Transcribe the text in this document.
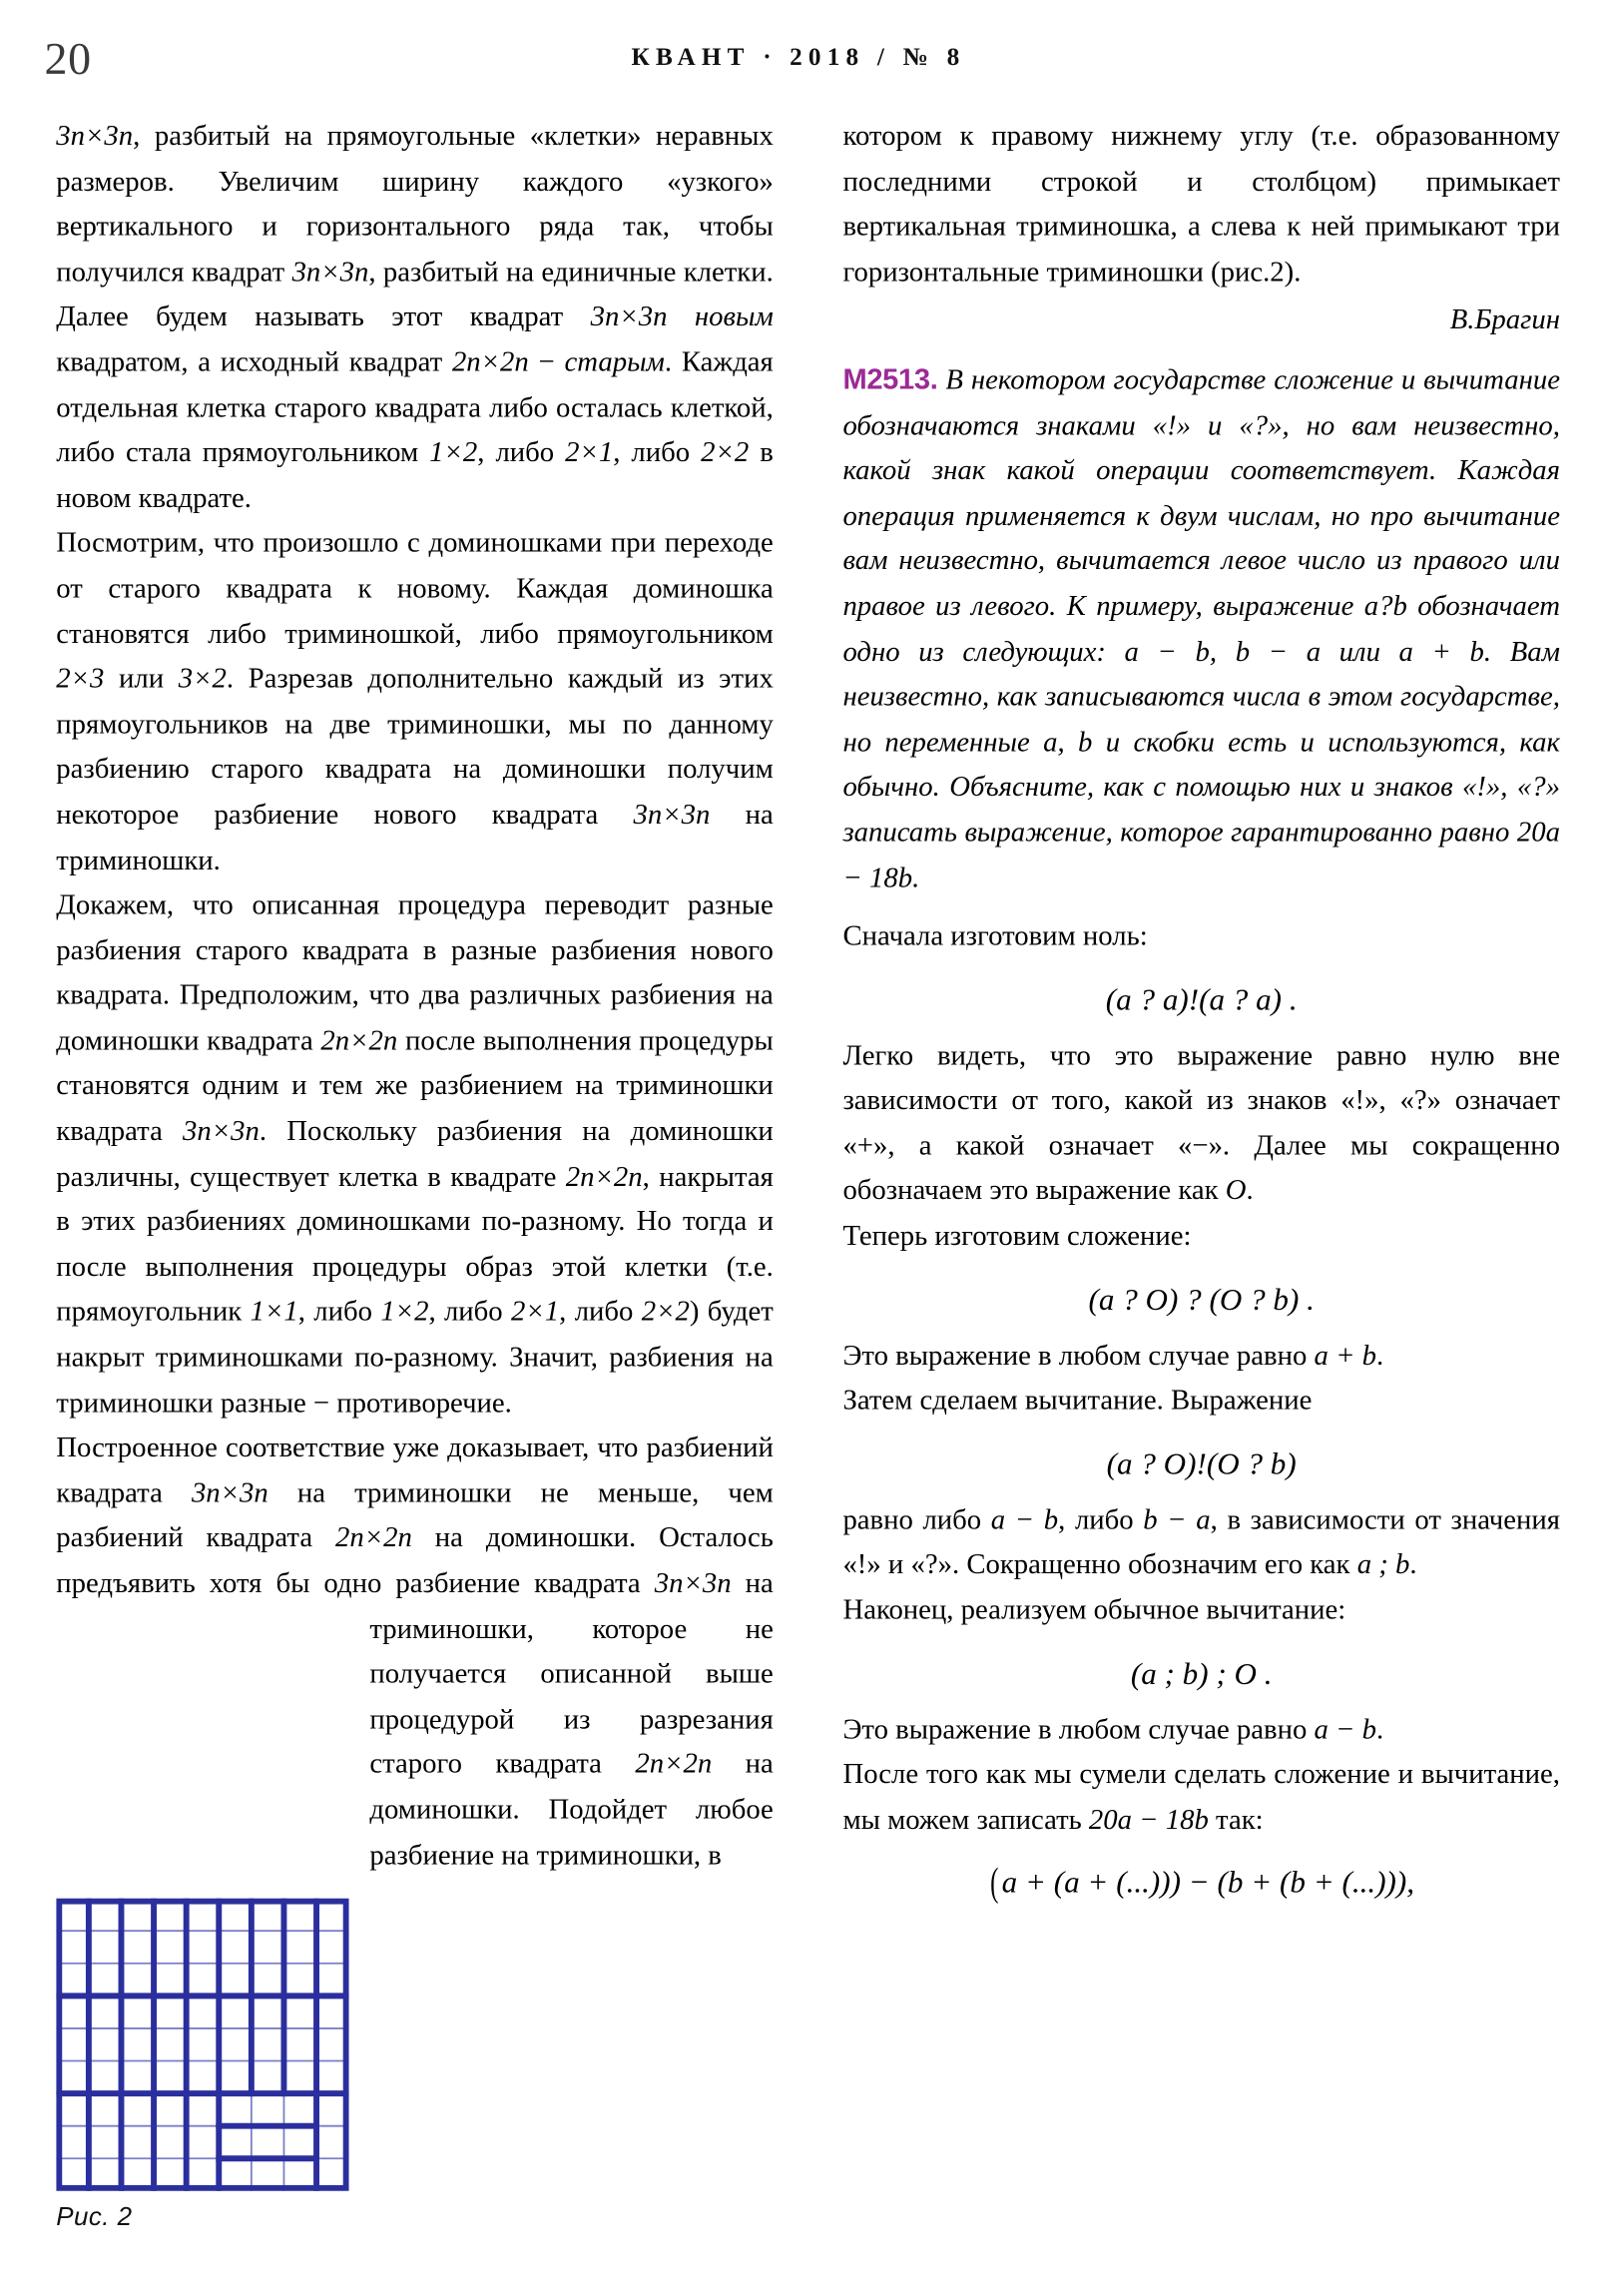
20	КВАНТ · 2018 / № 8

3n×3n, разбитый на прямоугольные «клетки» неравных размеров. Увеличим ширину каждого «узкого» вертикального и горизонтального ряда так, чтобы получился квадрат 3n×3n, разбитый на единичные клетки. Далее будем называть этот квадрат 3n×3n новым квадратом, а исходный квадрат 2n×2n − старым. Каждая отдельная клетка старого квадрата либо осталась клеткой, либо стала прямоугольником 1×2, либо 2×1, либо 2×2 в новом квадрате.

Посмотрим, что произошло с доминошками при переходе от старого квадрата к новому. Каждая доминошка становятся либо триминошкой, либо прямоугольником 2×3 или 3×2. Разрезав дополнительно каждый из этих прямоугольников на две триминошки, мы по данному разбиению старого квадрата на доминошки получим некоторое разбиение нового квадрата 3n×3n на триминошки.

Докажем, что описанная процедура переводит разные разбиения старого квадрата в разные разбиения нового квадрата. Предположим, что два различных разбиения на доминошки квадрата 2n×2n после выполнения процедуры становятся одним и тем же разбиением на триминошки квадрата 3n×3n. Поскольку разбиения на доминошки различны, существует клетка в квадрате 2n×2n, накрытая в этих разбиениях доминошками по-разному. Но тогда и после выполнения процедуры образ этой клетки (т.е. прямоугольник 1×1, либо 1×2, либо 2×1, либо 2×2) будет накрыт триминошками по-разному. Значит, разбиения на триминошки разные − противоречие.

Построенное соответствие уже доказывает, что разбиений квадрата 3n×3n на триминошки не меньше, чем разбиений квадрата 2n×2n на доминошки. Осталось предъявить хотя бы одно разбиение квадрата
3n×3n на триминошки, которое не получается описанной выше процедурой из разрезания старого квадрата 2n×2n на доминошки. Подойдет любое разбиение на триминошки, в

котором к правому нижнему углу (т.е. образованному последними строкой и столбцом) примыкает вертикальная триминошка, а слева к ней примыкают три горизонтальные триминошки (рис.2).

В.Брагин

M2513. В некотором государстве сложение и вычитание обозначаются знаками «!» и «?», но вам неизвестно, какой знак какой операции соответствует. Каждая операция применяется к двум числам, но про вычитание вам неизвестно, вычитается левое число из правого или правое из левого. К примеру, выражение a?b обозначает одно из следующих: a − b, b − a или a + b. Вам неизвестно, как записываются числа в этом государстве, но переменные a, b и скобки есть и используются, как обычно. Объясните, как с помощью них и знаков «!», «?» записать выражение, которое гарантированно равно 20a − 18b.

Сначала изготовим ноль:

(a ? a)!(a ? a) .

Легко видеть, что это выражение равно нулю вне зависимости от того, какой из знаков «!», «?» означает «+», а какой означает «−». Далее мы сокращенно обозначаем это выражение как O.

Теперь изготовим сложение:

(a ? O) ? (O ? b) .

Это выражение в любом случае равно a + b.

Затем сделаем вычитание. Выражение

(a ? O)!(O ? b)

равно либо a − b, либо b − a, в зависимости от значения «!» и «?». Сокращенно обозначим его как a ; b.

Наконец, реализуем обычное вычитание:

(a ; b) ; O .

Это выражение в любом случае равно a − b.

После того как мы сумели сделать сложение и вычитание, мы можем записать 20a − 18b так:

( a + (a + (...))) − (b + (b + (...))),
Рис. 2
